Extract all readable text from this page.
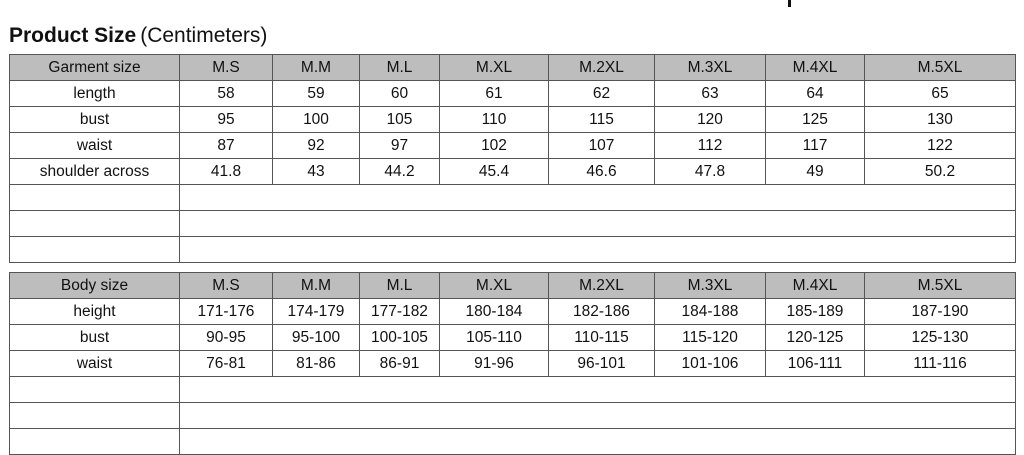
Product Size (Centimeters)
Garment size	M.S	M.M	M.L	M.XL	M.2XL	M.3XL	M.4XL	M.5XL
length	58	59	60	61	62	63	64	65
bust	95	100	105	110	115	120	125	130
waist	87	92	97	102	107	112	117	122
shoulder across	41.8	43	44.2	45.4	46.6	47.8	49	50.2

Body size	M.S	M.M	M.L	M.XL	M.2XL	M.3XL	M.4XL	M.5XL
height	171-176	174-179	177-182	180-184	182-186	184-188	185-189	187-190
bust	90-95	95-100	100-105	105-110	110-115	115-120	120-125	125-130
waist	76-81	81-86	86-91	91-96	96-101	101-106	106-111	111-116
